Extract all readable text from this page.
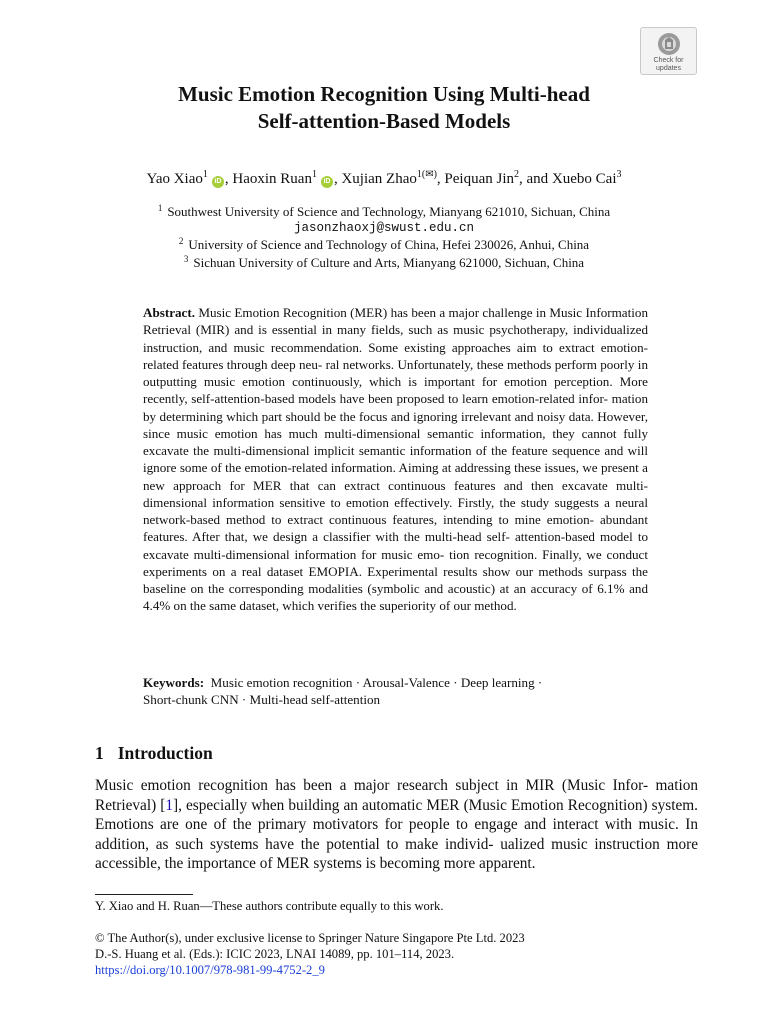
Check for
updates
Music Emotion Recognition Using Multi-head
Self-attention-Based Models
Yao Xiao$^1$iD , Haoxin Ruan$^1$iD , Xujian Zhao$^{1(✉)}$, Peiquan Jin$^2$, and Xuebo Cai$^3$
$^1$ Southwest University of Science and Technology, Mianyang 621010, Sichuan, China
jasonzhaoxj@swust.edu.cn
$^2$ University of Science and Technology of China, Hefei 230026, Anhui, China
$^3$ Sichuan University of Culture and Arts, Mianyang 621000, Sichuan, China

Abstract. Music Emotion Recognition (MER) has been a major challenge in Music Information Retrieval (MIR) and is essential in many fields, such as music psychotherapy, individualized instruction, and music recommendation. Some existing approaches aim to extract emotion-related features through deep neu- ral networks. Unfortunately, these methods perform poorly in outputting music emotion continuously, which is important for emotion perception. More recently, self-attention-based models have been proposed to learn emotion-related infor- mation by determining which part should be the focus and ignoring irrelevant and noisy data. However, since music emotion has much multi-dimensional semantic information, they cannot fully excavate the multi-dimensional implicit semantic information of the feature sequence and will ignore some of the emotion-related information. Aiming at addressing these issues, we present a new approach for MER that can extract continuous features and then excavate multi-dimensional information sensitive to emotion effectively. Firstly, the study suggests a neural network-based method to extract continuous features, intending to mine emotion- abundant features. After that, we design a classifier with the multi-head self- attention-based model to excavate multi-dimensional information for music emo- tion recognition. Finally, we conduct experiments on a real dataset EMOPIA. Experimental results show our methods surpass the baseline on the corresponding modalities (symbolic and acoustic) at an accuracy of 6.1% and 4.4% on the same dataset, which verifies the superiority of our method.

Keywords: Music emotion recognition · Arousal-Valence · Deep learning ·
Short-chunk CNN · Multi-head self-attention

1 Introduction

Music emotion recognition has been a major research subject in MIR (Music Infor- mation Retrieval) [1], especially when building an automatic MER (Music Emotion Recognition) system. Emotions are one of the primary motivators for people to engage and interact with music. In addition, as such systems have the potential to make individ- ualized music instruction more accessible, the importance of MER systems is becoming more apparent.

Y. Xiao and H. Ruan—These authors contribute equally to this work.

© The Author(s), under exclusive license to Springer Nature Singapore Pte Ltd. 2023
D.-S. Huang et al. (Eds.): ICIC 2023, LNAI 14089, pp. 101–114, 2023.
https://doi.org/10.1007/978-981-99-4752-2_9
